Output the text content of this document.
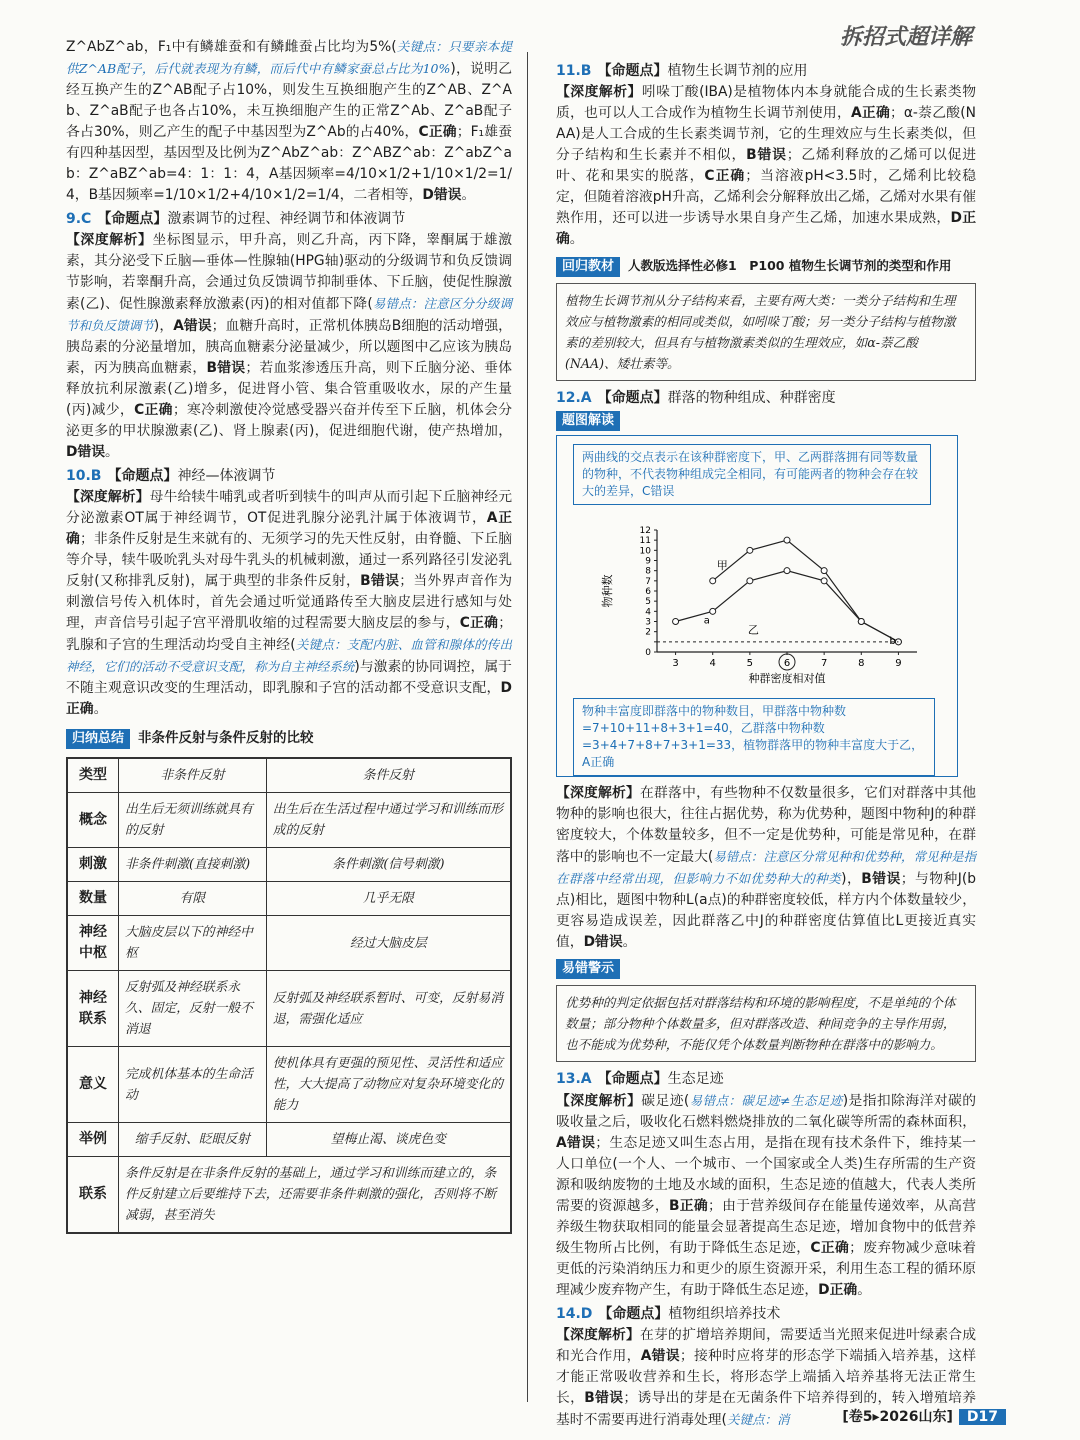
拆招式超详解

Z^AbZ^ab，F₁中有鳞雄蚕和有鳞雌蚕占比均为5%(关键点：只要亲本提供Z^AB配子，后代就表现为有鳞，而后代中有鳞家蚕总占比为10%)，说明乙经互换产生的Z^AB配子占10%，则发生互换细胞产生的Z^AB、Z^Ab、Z^aB配子也各占10%，未互换细胞产生的正常Z^Ab、Z^aB配子各占30%，则乙产生的配子中基因型为Z^Ab的占40%，C正确；F₁雄蚕有四种基因型，基因型及比例为Z^AbZ^ab：Z^ABZ^ab：Z^abZ^ab：Z^aBZ^ab=4：1：1：4，A基因频率=4/10×1/2+1/10×1/2=1/4，B基因频率=1/10×1/2+4/10×1/2=1/4，二者相等，D错误。

9.C 【命题点】激素调节的过程、神经调节和体液调节

【深度解析】坐标图显示，甲升高，则乙升高，丙下降，睾酮属于雄激素，其分泌受下丘脑—垂体—性腺轴(HPG轴)驱动的分级调节和负反馈调节影响，若睾酮升高，会通过负反馈调节抑制垂体、下丘脑，使促性腺激素(乙)、促性腺激素释放激素(丙)的相对值都下降(易错点：注意区分分级调节和负反馈调节)，A错误；血糖升高时，正常机体胰岛B细胞的活动增强，胰岛素的分泌量增加，胰高血糖素分泌量减少，所以题图中乙应该为胰岛素，丙为胰高血糖素，B错误；若血浆渗透压升高，则下丘脑分泌、垂体释放抗利尿激素(乙)增多，促进肾小管、集合管重吸收水，尿的产生量(丙)减少，C正确；寒冷刺激使冷觉感受器兴奋并传至下丘脑，机体会分泌更多的甲状腺激素(乙)、肾上腺素(丙)，促进细胞代谢，使产热增加，D错误。

10.B 【命题点】神经—体液调节

【深度解析】母牛给犊牛哺乳或者听到犊牛的叫声从而引起下丘脑神经元分泌激素OT属于神经调节，OT促进乳腺分泌乳汁属于体液调节，A正确；非条件反射是生来就有的、无须学习的先天性反射，由脊髓、下丘脑等介导，犊牛吸吮乳头对母牛乳头的机械刺激，通过一系列路径引发泌乳反射(又称排乳反射)，属于典型的非条件反射，B错误；当外界声音作为刺激信号传入机体时，首先会通过听觉通路传至大脑皮层进行感知与处理，声音信号引起子宫平滑肌收缩的过程需要大脑皮层的参与，C正确；乳腺和子宫的生理活动均受自主神经(关键点：支配内脏、血管和腺体的传出神经，它们的活动不受意识支配，称为自主神经系统)与激素的协同调控，属于不随主观意识改变的生理活动，即乳腺和子宫的活动都不受意识支配，D正确。

归纳总结 非条件反射与条件反射的比较
类型	非条件反射	条件反射
概念	出生后无须训练就具有的反射	出生后在生活过程中通过学习和训练而形成的反射
刺激	非条件刺激(直接刺激)	条件刺激(信号刺激)
数量	有限	几乎无限
神经中枢	大脑皮层以下的神经中枢	经过大脑皮层
神经联系	反射弧及神经联系永久、固定，反射一般不消退	反射弧及神经联系暂时、可变，反射易消退，需强化适应
意义	完成机体基本的生命活动	使机体具有更强的预见性、灵活性和适应性，大大提高了动物应对复杂环境变化的能力
举例	缩手反射、眨眼反射	望梅止渴、谈虎色变
联系	条件反射是在非条件反射的基础上，通过学习和训练而建立的，条件反射建立后要维持下去，还需要非条件刺激的强化，否则将不断减弱，甚至消失	

11.B 【命题点】植物生长调节剂的应用

【深度解析】吲哚丁酸(IBA)是植物体内本身就能合成的生长素类物质，也可以人工合成作为植物生长调节剂使用，A正确；α-萘乙酸(NAA)是人工合成的生长素类调节剂，它的生理效应与生长素类似，但分子结构和生长素并不相似，B错误；乙烯利释放的乙烯可以促进叶、花和果实的脱落，C正确；当溶液pH<3.5时，乙烯利比较稳定，但随着溶液pH升高，乙烯利会分解释放出乙烯，乙烯对水果有催熟作用，还可以进一步诱导水果自身产生乙烯，加速水果成熟，D正确。

回归教材 人教版选择性必修1　P100 植物生长调节剂的类型和作用
植物生长调节剂从分子结构来看，主要有两大类：一类分子结构和生理效应与植物激素的相同或类似，如吲哚丁酸；另一类分子结构与植物激素的差别较大，但具有与植物激素类似的生理效应，如α-萘乙酸(NAA)、矮壮素等。

12.A 【命题点】群落的物种组成、种群密度

题图解读
两曲线的交点表示在该种群密度下，甲、乙两群落拥有同等数量的物种，不代表物种组成完全相同，有可能两者的物种会存在较大的差异，C错误
0
2
3
4
5
6
7
8
9
10
11
12
3	4	5	6	7	8	9
种群密度相对值
物种数
甲
乙
a
b
物种丰富度即群落中的物种数目，甲群落中物种数=7+10+11+8+3+1=40，乙群落中物种数=3+4+7+8+7+3+1=33，植物群落甲的物种丰富度大于乙，A正确

【深度解析】在群落中，有些物种不仅数量很多，它们对群落中其他物种的影响也很大，往往占据优势，称为优势种，题图中物种J的种群密度较大，个体数量较多，但不一定是优势种，可能是常见种，在群落中的影响也不一定最大(易错点：注意区分常见种和优势种，常见种是指在群落中经常出现，但影响力不如优势种大的种类)，B错误；与物种J(b点)相比，题图中物种L(a点)的种群密度较低，样方内个体数量较少，更容易造成误差，因此群落乙中J的种群密度估算值比L更接近真实值，D错误。

易错警示
优势种的判定依据包括对群落结构和环境的影响程度，不是单纯的个体数量；部分物种个体数量多，但对群落改造、种间竞争的主导作用弱，也不能成为优势种，不能仅凭个体数量判断物种在群落中的影响力。

13.A 【命题点】生态足迹

【深度解析】碳足迹(易错点：碳足迹≠生态足迹)是指扣除海洋对碳的吸收量之后，吸收化石燃料燃烧排放的二氧化碳等所需的森林面积，A错误；生态足迹又叫生态占用，是指在现有技术条件下，维持某一人口单位(一个人、一个城市、一个国家或全人类)生存所需的生产资源和吸纳废物的土地及水域的面积，生态足迹的值越大，代表人类所需要的资源越多，B正确；由于营养级间存在能量传递效率，从高营养级生物获取相同的能量会显著提高生态足迹，增加食物中的低营养级生物所占比例，有助于降低生态足迹，C正确；废弃物减少意味着更低的污染消纳压力和更少的原生资源开采，利用生态工程的循环原理减少废弃物产生，有助于降低生态足迹，D正确。

14.D 【命题点】植物组织培养技术

【深度解析】在芽的扩增培养期间，需要适当光照来促进叶绿素合成和光合作用，A错误；接种时应将芽的形态学下端插入培养基，这样才能正常吸收营养和生长，将形态学上端插入培养基将无法正常生长，B错误；诱导出的芽是在无菌条件下培养得到的，转入增殖培养基时不需要再进行消毒处理(关键点：消	[卷5▸2026山东] D17
